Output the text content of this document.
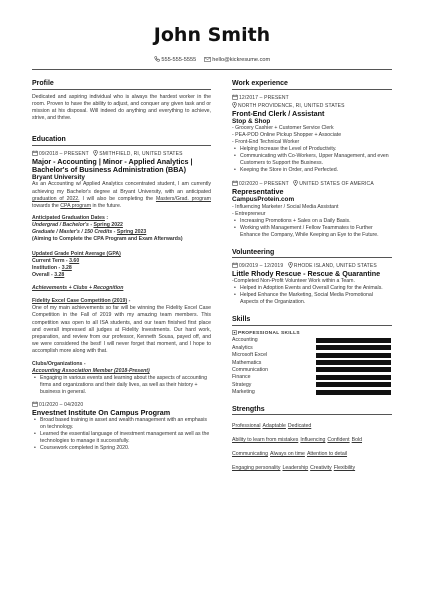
John Smith
555-555-5555	hello@kickresume.com
Profile
Dedicated and aspiring individual who is always the hardest worker in the room. Proven to have the ability to adjust, and conquer any given task and or mission at his disposal. Will indeed do anything and everything to achieve, strive, and thrive.
Education
09/2018 – PRESENT SMITHFIELD, RI, UNITED STATES
Major - Accounting | Minor - Applied Analytics | Bachelor's of Business Administration (BBA)
Bryant University
As an Accounting w/ Applied Analytics concentrated student, I am currently achieving my Bachelor's degree at Bryant University, with an anticipated graduation of 2022. I will also be completing the Masters/Grad. program towards the CPA program in the future.
Anticipated Graduation Dates :
Undergrad / Bachelor's - Spring 2022
Graduate / Master's / 150 Credits - Spring 2023
(Aiming to Complete the CPA Program and Exam Afterwards)
Updated Grade Point Average (GPA)
Current Term - 3.60
Institution - 3.28
Overall - 3.28
Achievements + Clubs + Recognition
Fidelity Excel Case Competition (2019) -
One of my main achievements so far will be winning the Fidelity Excel Case Competition in the Fall of 2019 with my amazing team members. This competition was open to all ISA students, and our team finished first place and overall impressed all judges at Fidelity Investments. Our hard work, preparation, and review from our professor, Kenneth Sousa, payed off, and we were considered the best! I will never forget that moment, and I hope to accomplish more along with that.
Clubs/Organizations -
Accounting Association Member (2018-Present)
• Engaging in various events and learning about the aspects of accounting firms and organizations and their daily lives, as well as their history + business in general.
01/2020 – 04/2020
Envestnet Institute On Campus Program
• Broad based training in asset and wealth management with an emphasis on technology.
• Learned the essential language of investment management as well as the technologies to manage it successfully.
• Coursework completed in Spring 2020.
Work experience
12/2017 – PRESENT
NORTH PROVIDENCE, RI, UNITED STATES
Front-End Clerk / Assistant
Stop & Shop
- Grocery Cashier + Customer Service Clerk
- PEA-POD Online Pickup Shopper + Associate
- Front-End Technical Worker
• Helping Increase the Level of Productivity.
• Communicating with Co-Workers, Upper Management, and even Customers to Support the Business.
• Keeping the Store in Order, and Perfected.
02/2020 – PRESENT UNITED STATES OF AMERICA
Representative
CampusProtein.com
- Influencing Marketer / Social Media Assistant
- Entrepreneur
• Increasing Promotions + Sales on a Daily Basis.
• Working with Management / Fellow Teammates to Further Enhance the Company, While Keeping an Eye to the Future.
Volunteering
09/2019 – 12/2019 RHODE ISLAND, UNITED STATES
Little Rhody Rescue - Rescue & Quarantine
-Completed Non-Profit Volunteer Work within a Team.
• Helped in Adoption Events and Overall Caring for the Animals.
• Helped Enhance the Marketing, Social Media Promotional Aspects of the Organization.
Skills
PROFESSIONAL SKILLS
Accounting
Analytics
Microsoft Excel
Mathematics
Communication
Finance
Strategy
Marketing
Strengths
Professional Adaptable Dedicated
Ability to learn from mistakes Influencing Confident Bold
Communicating Always on time Attention to detail
Engaging personality Leadership Creativity Flexibility
